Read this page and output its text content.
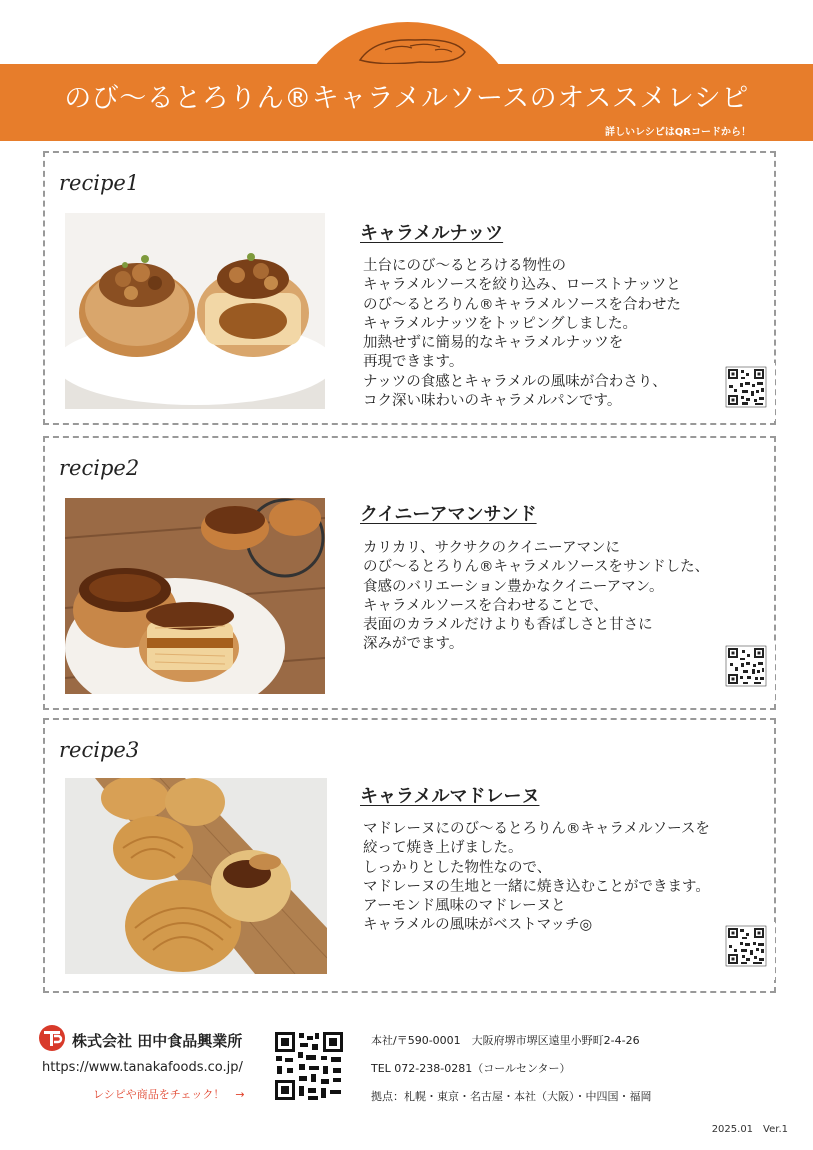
のび～るとろりん®キャラメルソースのオススメレシピ
詳しいレシピはQRコードから！
recipe1
キャラメルナッツ
土台にのび～るとろける物性の
キャラメルソースを絞り込み、ローストナッツと
のび～るとろりん®キャラメルソースを合わせた
キャラメルナッツをトッピングしました。
加熱せずに簡易的なキャラメルナッツを
再現できます。
ナッツの食感とキャラメルの風味が合わさり、
コク深い味わいのキャラメルパンです。
recipe2
クイニーアマンサンド
カリカリ、サクサクのクイニーアマンに
のび～るとろりん®キャラメルソースをサンドした、
食感のバリエーション豊かなクイニーアマン。
キャラメルソースを合わせることで、
表面のカラメルだけよりも香ばしさと甘さに
深みがでます。
recipe3
キャラメルマドレーヌ
マドレーヌにのび～るとろりん®キャラメルソースを
絞って焼き上げました。
しっかりとした物性なので、
マドレーヌの生地と一緒に焼き込むことができます。
アーモンド風味のマドレーヌと
キャラメルの風味がベストマッチ◎
株式会社 田中食品興業所
https://www.tanakafoods.co.jp/
レシピや商品をチェック！　→
本社/〒590-0001　大阪府堺市堺区遠里小野町2-4-26
TEL 072-238-0281（コールセンター）
拠点：札幌・東京・名古屋・本社（大阪）・中四国・福岡
2025.01　Ver.1
